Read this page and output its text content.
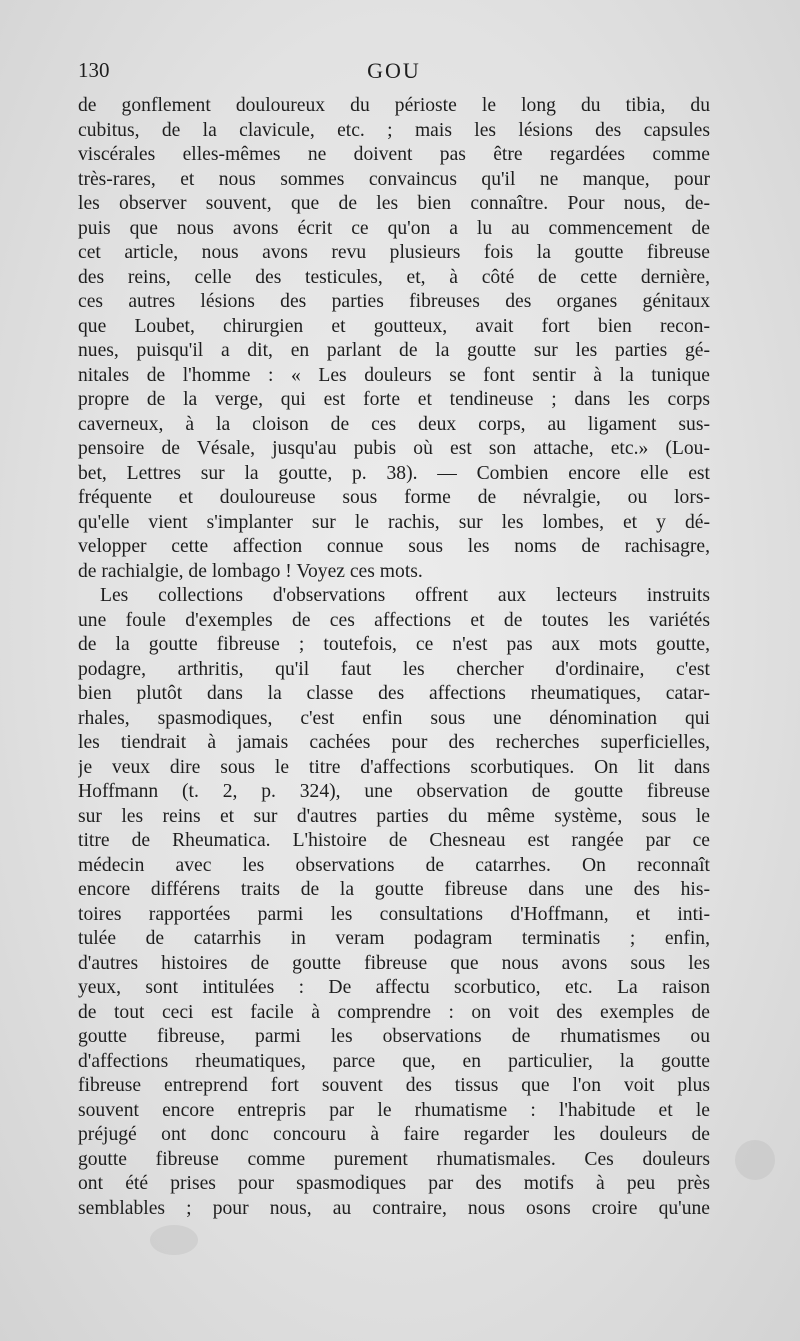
130	GOU
de gonflement douloureux du périoste le long du tibia, du
cubitus, de la clavicule, etc. ; mais les lésions des capsules
viscérales elles-mêmes ne doivent pas être regardées comme
très-rares, et nous sommes convaincus qu'il ne manque, pour
les observer souvent, que de les bien connaître. Pour nous, de-
puis que nous avons écrit ce qu'on a lu au commencement de
cet article, nous avons revu plusieurs fois la goutte fibreuse
des reins, celle des testicules, et, à côté de cette dernière,
ces autres lésions des parties fibreuses des organes génitaux
que Loubet, chirurgien et goutteux, avait fort bien recon-
nues, puisqu'il a dit, en parlant de la goutte sur les parties gé-
nitales de l'homme : « Les douleurs se font sentir à la tunique
propre de la verge, qui est forte et tendineuse ; dans les corps
caverneux, à la cloison de ces deux corps, au ligament sus-
pensoire de Vésale, jusqu'au pubis où est son attache, etc.» (Lou-
bet, Lettres sur la goutte, p. 38). — Combien encore elle est
fréquente et douloureuse sous forme de névralgie, ou lors-
qu'elle vient s'implanter sur le rachis, sur les lombes, et y dé-
velopper cette affection connue sous les noms de rachisagre,
de rachialgie, de lombago ! Voyez ces mots.
Les collections d'observations offrent aux lecteurs instruits
une foule d'exemples de ces affections et de toutes les variétés
de la goutte fibreuse ; toutefois, ce n'est pas aux mots goutte,
podagre, arthritis, qu'il faut les chercher d'ordinaire, c'est
bien plutôt dans la classe des affections rheumatiques, catar-
rhales, spasmodiques, c'est enfin sous une dénomination qui
les tiendrait à jamais cachées pour des recherches superficielles,
je veux dire sous le titre d'affections scorbutiques. On lit dans
Hoffmann (t. 2, p. 324), une observation de goutte fibreuse
sur les reins et sur d'autres parties du même système, sous le
titre de Rheumatica. L'histoire de Chesneau est rangée par ce
médecin avec les observations de catarrhes. On reconnaît
encore différens traits de la goutte fibreuse dans une des his-
toires rapportées parmi les consultations d'Hoffmann, et inti-
tulée de catarrhis in veram podagram terminatis ; enfin,
d'autres histoires de goutte fibreuse que nous avons sous les
yeux, sont intitulées : De affectu scorbutico, etc. La raison
de tout ceci est facile à comprendre : on voit des exemples de
goutte fibreuse, parmi les observations de rhumatismes ou
d'affections rheumatiques, parce que, en particulier, la goutte
fibreuse entreprend fort souvent des tissus que l'on voit plus
souvent encore entrepris par le rhumatisme : l'habitude et le
préjugé ont donc concouru à faire regarder les douleurs de
goutte fibreuse comme purement rhumatismales. Ces douleurs
ont été prises pour spasmodiques par des motifs à peu près
semblables ; pour nous, au contraire, nous osons croire qu'une
